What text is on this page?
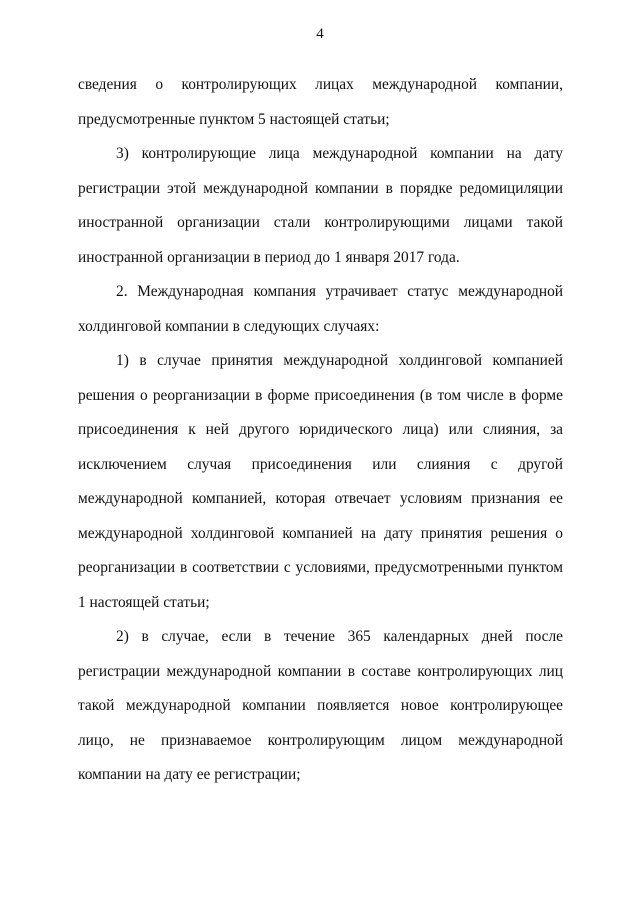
4

сведения о контролирующих лицах международной компании, предусмотренные пунктом 5 настоящей статьи;

3) контролирующие лица международной компании на дату регистрации этой международной компании в порядке редомициляции иностранной организации стали контролирующими лицами такой иностранной организации в период до 1 января 2017 года.

2. Международная компания утрачивает статус международной холдинговой компании в следующих случаях:

1) в случае принятия международной холдинговой компанией решения о реорганизации в форме присоединения (в том числе в форме присоединения к ней другого юридического лица) или слияния, за исключением случая присоединения или слияния с другой международной компанией, которая отвечает условиям признания ее международной холдинговой компанией на дату принятия решения о реорганизации в соответствии с условиями, предусмотренными пунктом 1 настоящей статьи;

2) в случае, если в течение 365 календарных дней после регистрации международной компании в составе контролирующих лиц такой международной компании появляется новое контролирующее лицо, не признаваемое контролирующим лицом международной компании на дату ее регистрации;
